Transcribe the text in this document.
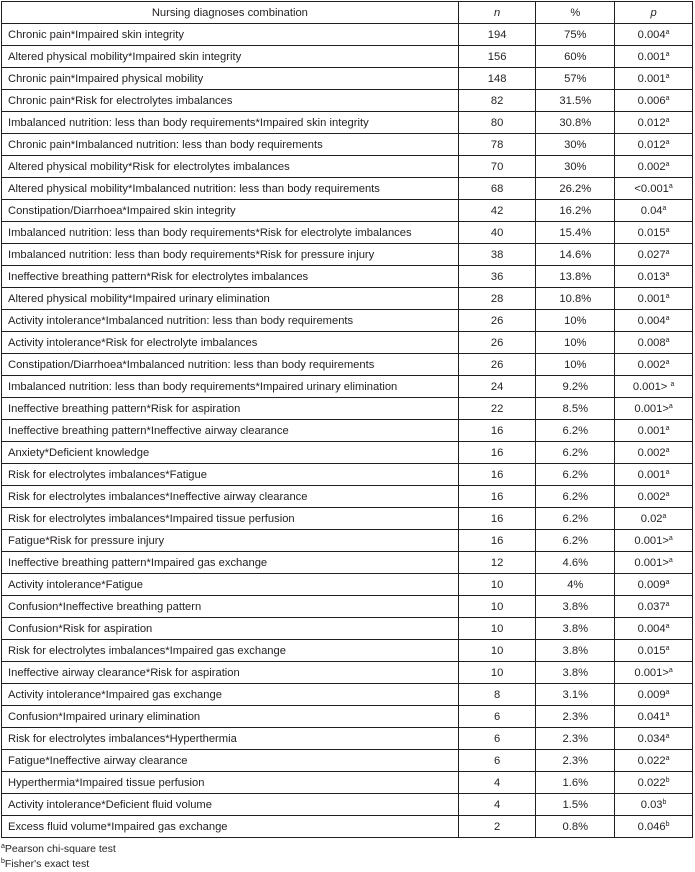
Nursing diagnoses combination	n	%	p
Chronic pain*Impaired skin integrity	194	75%	0.004$^a$
Altered physical mobility*Impaired skin integrity	156	60%	0.001$^a$
Chronic pain*Impaired physical mobility	148	57%	0.001$^a$
Chronic pain*Risk for electrolytes imbalances	82	31.5%	0.006$^a$
Imbalanced nutrition: less than body requirements*Impaired skin integrity	80	30.8%	0.012$^a$
Chronic pain*Imbalanced nutrition: less than body requirements	78	30%	0.012$^a$
Altered physical mobility*Risk for electrolytes imbalances	70	30%	0.002$^a$
Altered physical mobility*Imbalanced nutrition: less than body requirements	68	26.2%	<0.001$^a$
Constipation/Diarrhoea*Impaired skin integrity	42	16.2%	0.04$^a$
Imbalanced nutrition: less than body requirements*Risk for electrolyte imbalances	40	15.4%	0.015$^a$
Imbalanced nutrition: less than body requirements*Risk for pressure injury	38	14.6%	0.027$^a$
Ineffective breathing pattern*Risk for electrolytes imbalances	36	13.8%	0.013$^a$
Altered physical mobility*Impaired urinary elimination	28	10.8%	0.001$^a$
Activity intolerance*Imbalanced nutrition: less than body requirements	26	10%	0.004$^a$
Activity intolerance*Risk for electrolyte imbalances	26	10%	0.008$^a$
Constipation/Diarrhoea*Imbalanced nutrition: less than body requirements	26	10%	0.002$^a$
Imbalanced nutrition: less than body requirements*Impaired urinary elimination	24	9.2%	0.001> $^a$
Ineffective breathing pattern*Risk for aspiration	22	8.5%	0.001>$^a$
Ineffective breathing pattern*Ineffective airway clearance	16	6.2%	0.001$^a$
Anxiety*Deficient knowledge	16	6.2%	0.002$^a$
Risk for electrolytes imbalances*Fatigue	16	6.2%	0.001$^a$
Risk for electrolytes imbalances*Ineffective airway clearance	16	6.2%	0.002$^a$
Risk for electrolytes imbalances*Impaired tissue perfusion	16	6.2%	0.02$^a$
Fatigue*Risk for pressure injury	16	6.2%	0.001>$^a$
Ineffective breathing pattern*Impaired gas exchange	12	4.6%	0.001>$^a$
Activity intolerance*Fatigue	10	4%	0.009$^a$
Confusion*Ineffective breathing pattern	10	3.8%	0.037$^a$
Confusion*Risk for aspiration	10	3.8%	0.004$^a$
Risk for electrolytes imbalances*Impaired gas exchange	10	3.8%	0.015$^a$
Ineffective airway clearance*Risk for aspiration	10	3.8%	0.001>$^a$
Activity intolerance*Impaired gas exchange	8	3.1%	0.009$^a$
Confusion*Impaired urinary elimination	6	2.3%	0.041$^a$
Risk for electrolytes imbalances*Hyperthermia	6	2.3%	0.034$^a$
Fatigue*Ineffective airway clearance	6	2.3%	0.022$^a$
Hyperthermia*Impaired tissue perfusion	4	1.6%	0.022$^b$
Activity intolerance*Deficient fluid volume	4	1.5%	0.03$^b$
Excess fluid volume*Impaired gas exchange	2	0.8%	0.046$^b$
$^a$Pearson chi-square test
$^b$Fisher's exact test
